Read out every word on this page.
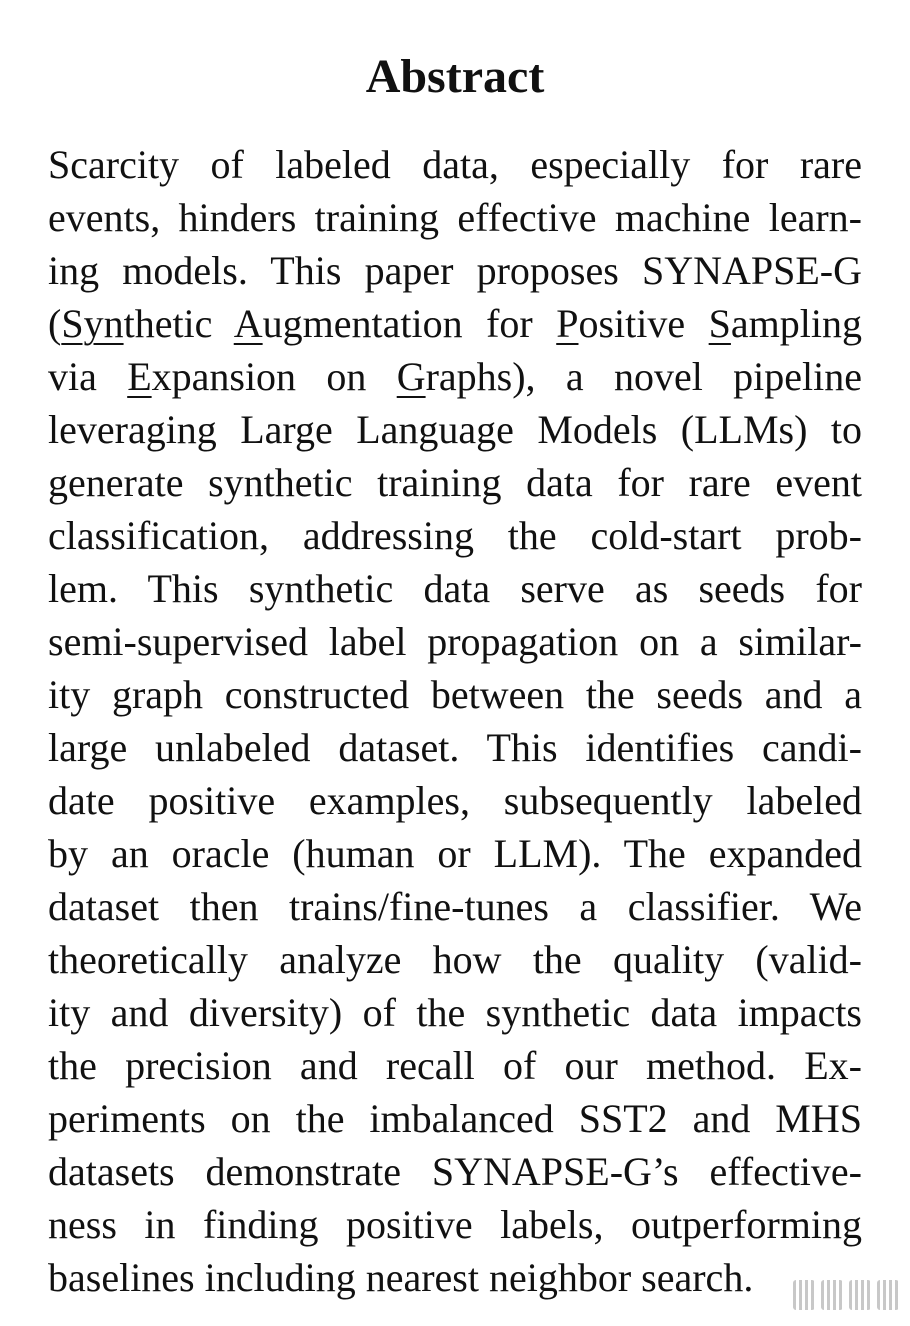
Abstract
Scarcity of labeled data, especially for rare
events, hinders training effective machine learn-
ing models. This paper proposes SYNAPSE-G
(Synthetic Augmentation for Positive Sampling
via Expansion on Graphs), a novel pipeline
leveraging Large Language Models (LLMs) to
generate synthetic training data for rare event
classification, addressing the cold-start prob-
lem. This synthetic data serve as seeds for
semi-supervised label propagation on a similar-
ity graph constructed between the seeds and a
large unlabeled dataset. This identifies candi-
date positive examples, subsequently labeled
by an oracle (human or LLM). The expanded
dataset then trains/fine-tunes a classifier. We
theoretically analyze how the quality (valid-
ity and diversity) of the synthetic data impacts
the precision and recall of our method. Ex-
periments on the imbalanced SST2 and MHS
datasets demonstrate SYNAPSE-G’s effective-
ness in finding positive labels, outperforming
baselines including nearest neighbor search.
